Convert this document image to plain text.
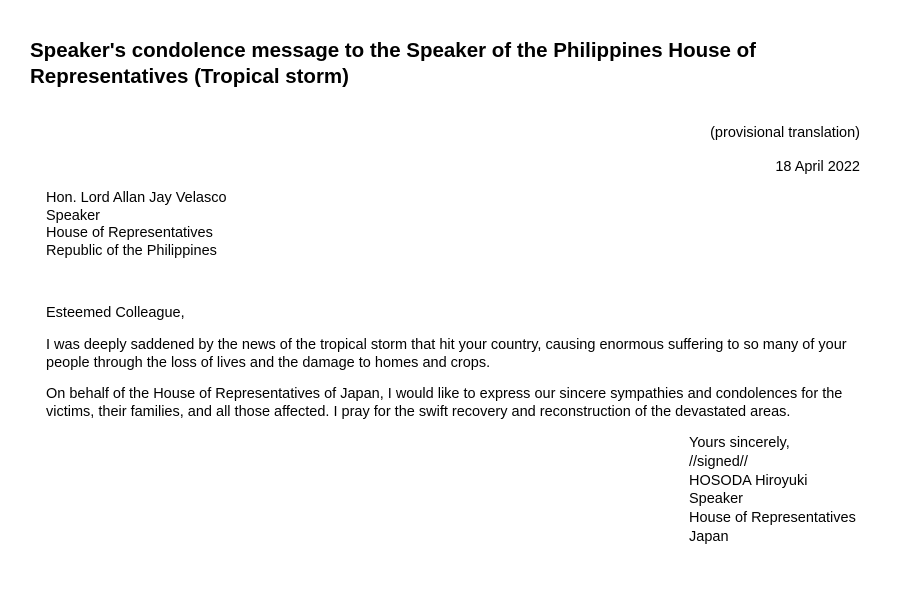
Speaker's condolence message to the Speaker of the Philippines House of Representatives (Tropical storm)

(provisional translation)

18 April 2022

Hon. Lord Allan Jay Velasco
Speaker
House of Representatives
Republic of the Philippines

Esteemed Colleague,

I was deeply saddened by the news of the tropical storm that hit your country, causing enormous suffering to so many of your people through the loss of lives and the damage to homes and crops.

On behalf of the House of Representatives of Japan, I would like to express our sincere sympathies and condolences for the victims, their families, and all those affected. I pray for the swift recovery and reconstruction of the devastated areas.

Yours sincerely,
//signed//
HOSODA Hiroyuki
Speaker
House of Representatives
Japan
